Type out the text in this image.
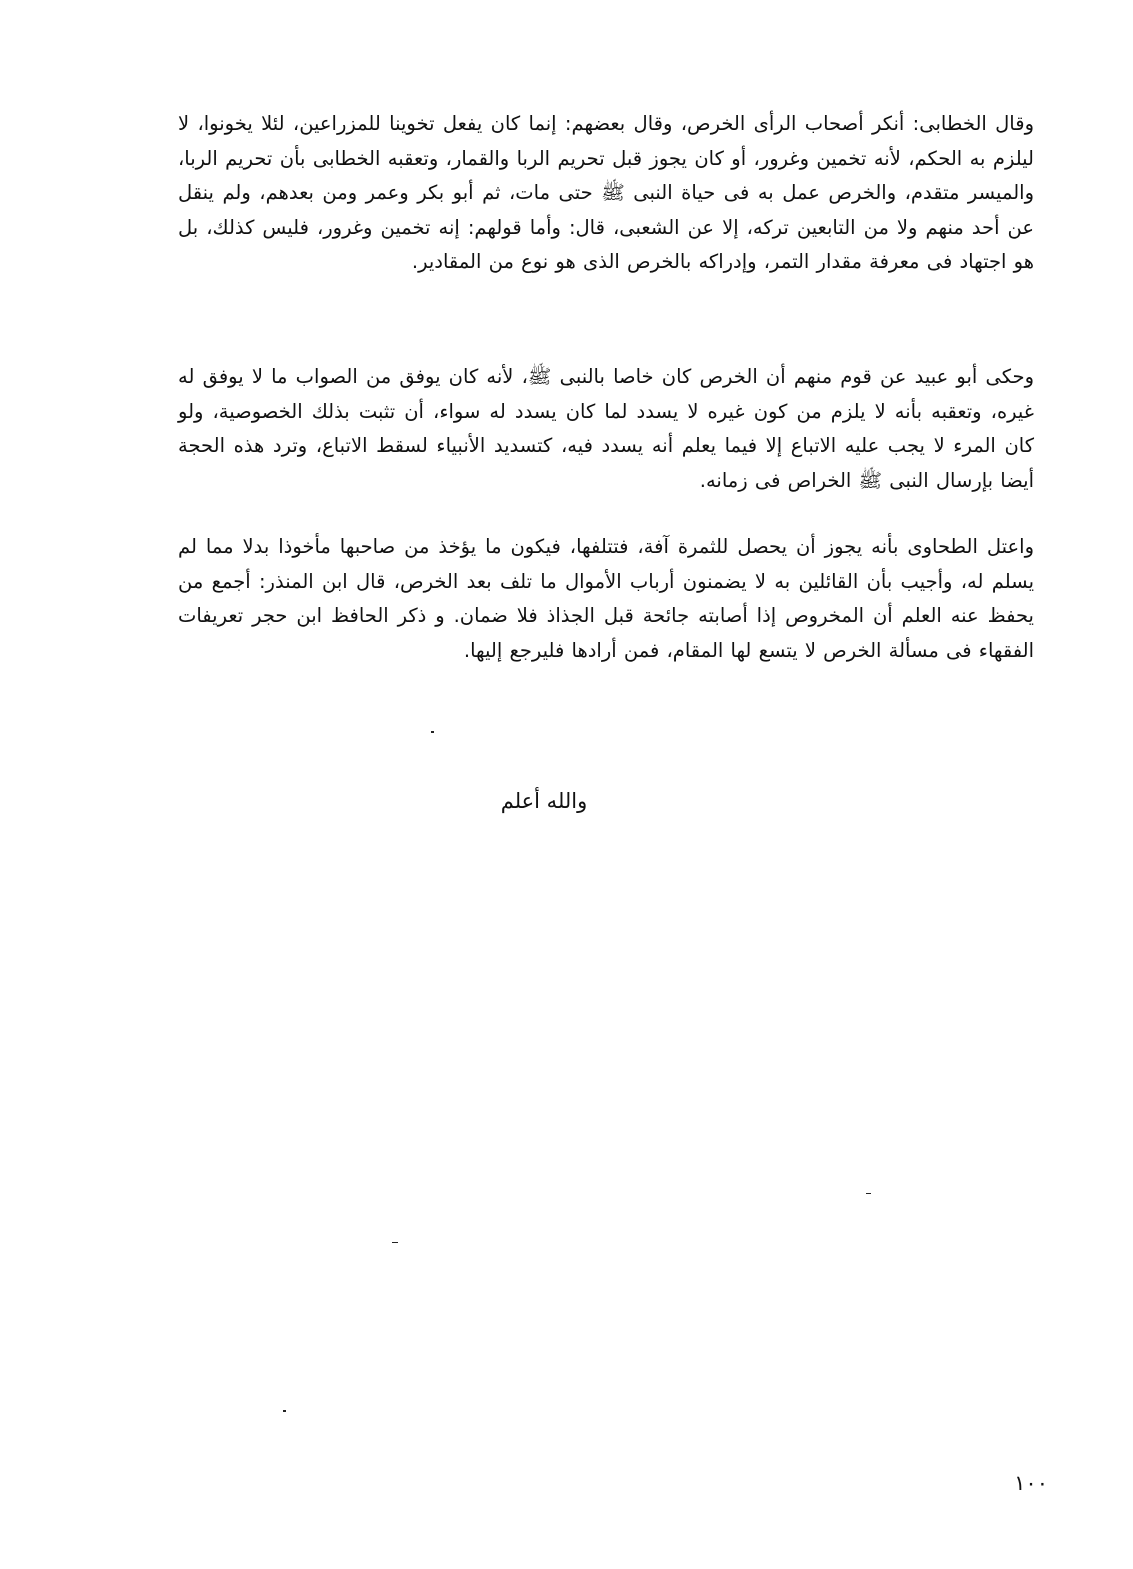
وقال الخطابى: أنكر أصحاب الرأى الخرص، وقال بعضهم: إنما كان يفعل تخوينا للمزراعين، لئلا يخونوا، لا ليلزم به الحكم، لأنه تخمين وغرور، أو كان يجوز قبل تحريم الربا والقمار، وتعقبه الخطابى بأن تحريم الربا، والميسر متقدم، والخرص عمل به فى حياة النبى ﷺ حتى مات، ثم أبو بكر وعمر ومن بعدهم، ولم ينقل عن أحد منهم ولا من التابعين تركه، إلا عن الشعبى، قال: وأما قولهم: إنه تخمين وغرور، فليس كذلك، بل هو اجتهاد فى معرفة مقدار التمر، وإدراكه بالخرص الذى هو نوع من المقادير.

وحكى أبو عبيد عن قوم منهم أن الخرص كان خاصا بالنبى ﷺ، لأنه كان يوفق من الصواب ما لا يوفق له غيره، وتعقبه بأنه لا يلزم من كون غيره لا يسدد لما كان يسدد له سواء، أن تثبت بذلك الخصوصية، ولو كان المرء لا يجب عليه الاتباع إلا فيما يعلم أنه يسدد فيه، كتسديد الأنبياء لسقط الاتباع، وترد هذه الحجة أيضا بإرسال النبى ﷺ الخراص فى زمانه.

واعتل الطحاوى بأنه يجوز أن يحصل للثمرة آفة، فتتلفها، فيكون ما يؤخذ من صاحبها مأخوذا بدلا مما لم يسلم له، وأجيب بأن القائلين به لا يضمنون أرباب الأموال ما تلف بعد الخرص، قال ابن المنذر: أجمع من يحفظ عنه العلم أن المخروص إذا أصابته جائحة قبل الجذاذ فلا ضمان. و ذكر الحافظ ابن حجر تعريفات الفقهاء فى مسألة الخرص لا يتسع لها المقام، فمن أرادها فليرجع إليها.

والله أعلم
١٠٠
